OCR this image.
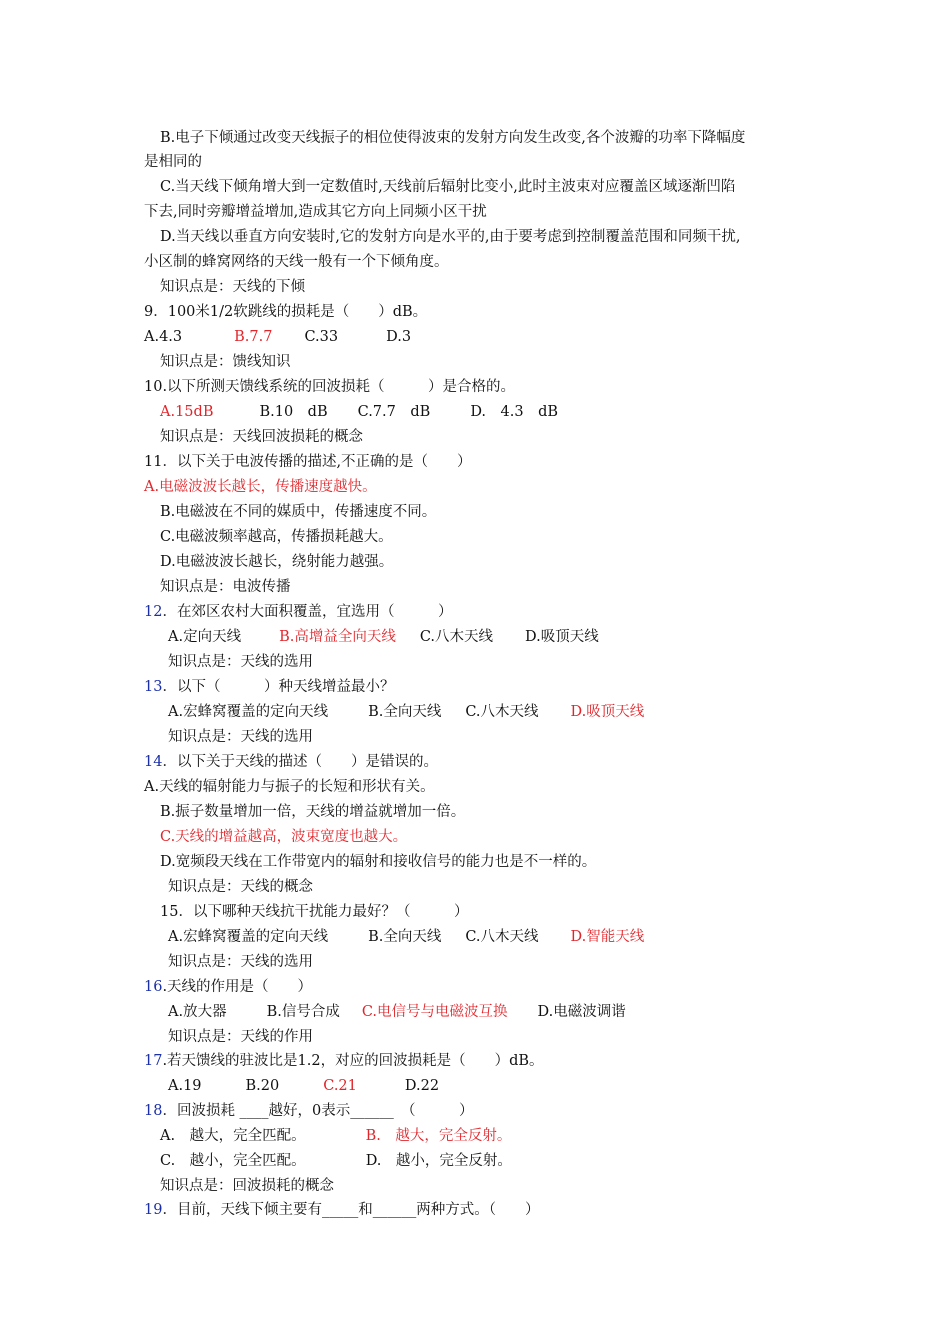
B.电子下倾通过改变天线振子的相位使得波束的发射方向发生改变,各个波瓣的功率下降幅度
是相同的
C.当天线下倾角增大到一定数值时,天线前后辐射比变小,此时主波束对应覆盖区域逐渐凹陷
下去,同时旁瓣增益增加,造成其它方向上同频小区干扰
D.当天线以垂直方向安装时,它的发射方向是水平的,由于要考虑到控制覆盖范围和同频干扰,
小区制的蜂窝网络的天线一般有一个下倾角度。
知识点是：天线的下倾
9．100米1/2软跳线的损耗是（　　）dB。
A.4.3	B.7.7 C.33	D.3
知识点是：馈线知识
10.以下所测天馈线系统的回波损耗（　　　）是合格的。
A.15dB	B.10　dB C.7.7　dB	D.　4.3　dB
知识点是：天线回波损耗的概念
11．以下关于电波传播的描述,不正确的是（　　）
A.电磁波波长越长，传播速度越快。
B.电磁波在不同的媒质中，传播速度不同。
C.电磁波频率越高，传播损耗越大。
D.电磁波波长越长，绕射能力越强。
知识点是：电波传播
12．在郊区农村大面积覆盖，宜选用（　　　）
A.定向天线	B.高增益全向天线 C.八木天线 D.吸顶天线
知识点是：天线的选用
13．以下（　　　）种天线增益最小？
A.宏蜂窝覆盖的定向天线	B.全向天线 C.八木天线 D.吸顶天线
知识点是：天线的选用
14．以下关于天线的描述（　　）是错误的。
A.天线的辐射能力与振子的长短和形状有关。
B.振子数量增加一倍，天线的增益就增加一倍。
C.天线的增益越高，波束宽度也越大。
D.宽频段天线在工作带宽内的辐射和接收信号的能力也是不一样的。
知识点是：天线的概念
15．以下哪种天线抗干扰能力最好？（　　　）
A.宏蜂窝覆盖的定向天线	B.全向天线 C.八木天线 D.智能天线
知识点是：天线的选用
16.天线的作用是（　　）
A.放大器	B.信号合成 C.电信号与电磁波互换 D.电磁波调谐
知识点是：天线的作用
17.若天馈线的驻波比是1.2，对应的回波损耗是（　　）dB。
A.19	B.20	C.21	D.22
18．回波损耗 ____越好，0表示______　（　　　）
A.　越大，完全匹配。	B.　越大，完全反射。
C.　越小，完全匹配。	D.　越小，完全反射。
知识点是：回波损耗的概念
19．目前，天线下倾主要有_____和______两种方式。（　　）
